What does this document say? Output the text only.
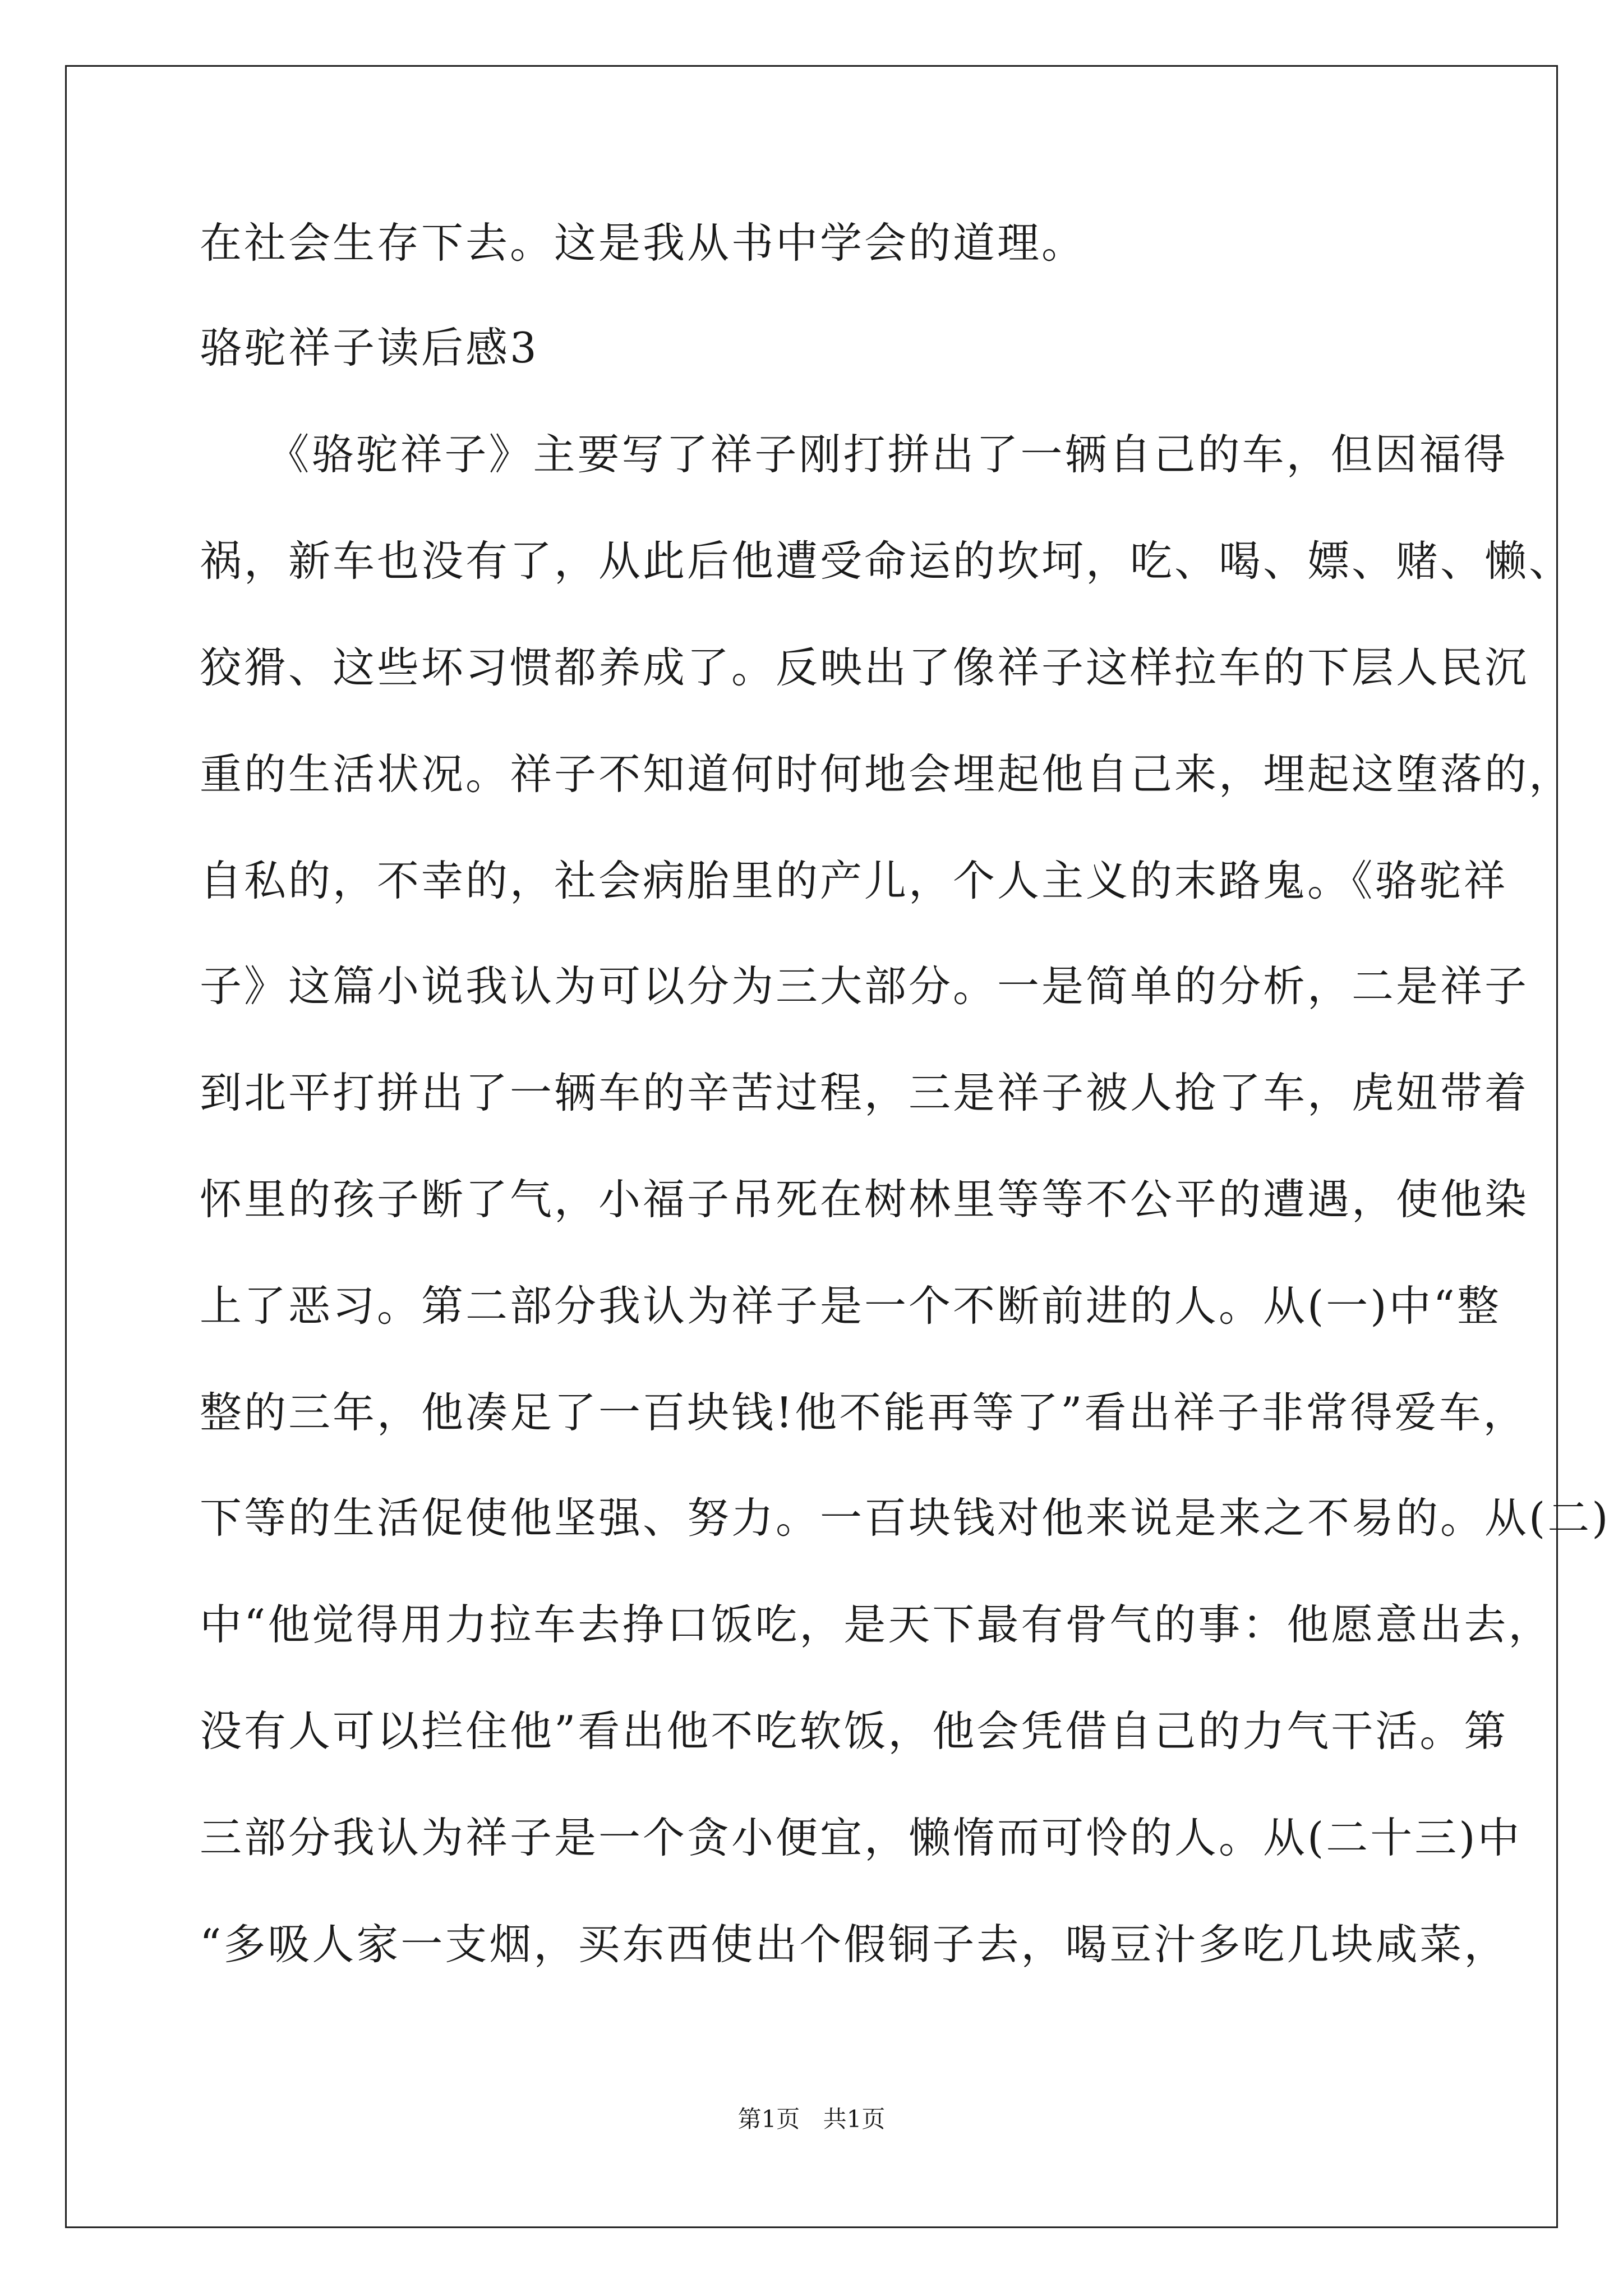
在社会生存下去。这是我从书中学会的道理。
骆驼祥子读后感3
　　《骆驼祥子》主要写了祥子刚打拼出了一辆自己的车，但因福得
祸，新车也没有了，从此后他遭受命运的坎坷，吃、喝、嫖、赌、懒、
狡猾、这些坏习惯都养成了。反映出了像祥子这样拉车的下层人民沉
重的生活状况。祥子不知道何时何地会埋起他自己来，埋起这堕落的，
自私的，不幸的，社会病胎里的产儿，个人主义的末路鬼。《骆驼祥
子》这篇小说我认为可以分为三大部分。一是简单的分析，二是祥子
到北平打拼出了一辆车的辛苦过程，三是祥子被人抢了车，虎妞带着
怀里的孩子断了气，小福子吊死在树林里等等不公平的遭遇，使他染
上了恶习。第二部分我认为祥子是一个不断前进的人。从(一)中“整
整的三年，他凑足了一百块钱!他不能再等了”看出祥子非常得爱车，
下等的生活促使他坚强、努力。一百块钱对他来说是来之不易的。从(二)
中“他觉得用力拉车去挣口饭吃，是天下最有骨气的事：他愿意出去，
没有人可以拦住他”看出他不吃软饭，他会凭借自己的力气干活。第
三部分我认为祥子是一个贪小便宜，懒惰而可怜的人。从(二十三)中
“多吸人家一支烟，买东西使出个假铜子去，喝豆汁多吃几块咸菜，
第1页 共1页
